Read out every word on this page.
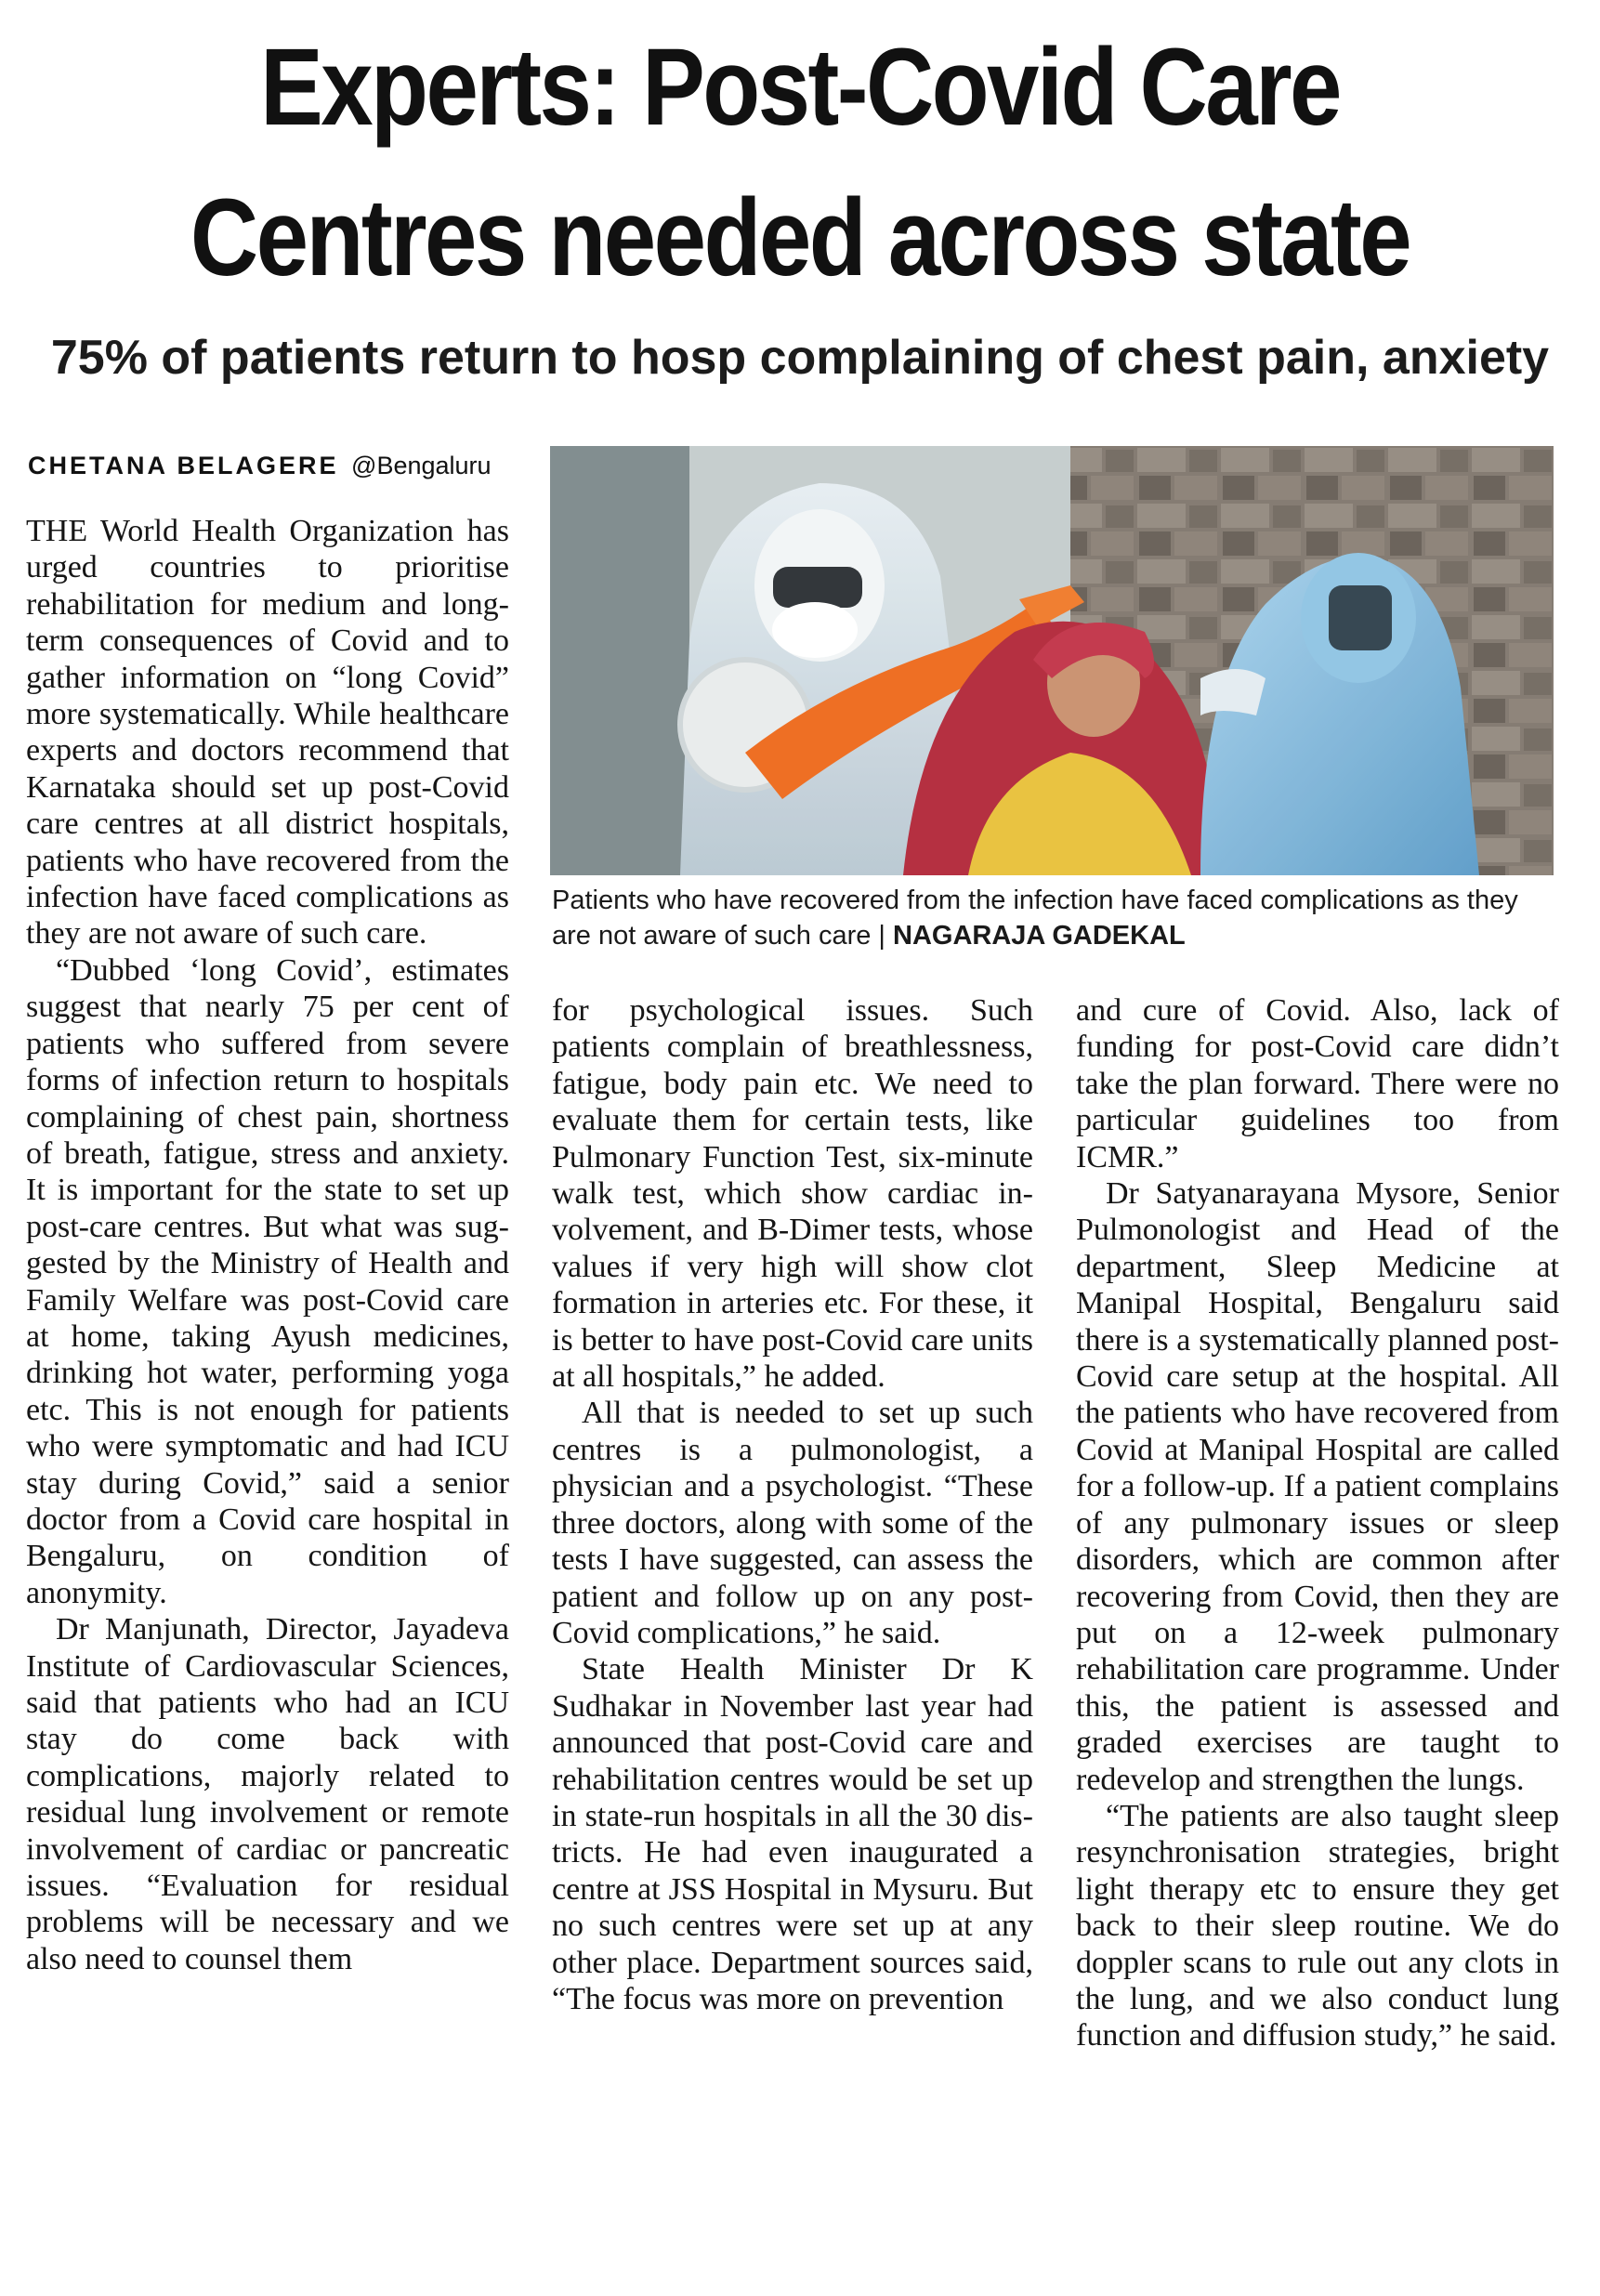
Experts: Post-Covid Care
Centres needed across state
75% of patients return to hosp complaining of chest pain, anxiety
CHETANA BELAGERE @Bengaluru

Patients who have recovered from the infection have faced complications as they are not aware of such care | NAGARAJA GADEKAL

THE World Health Organization has urged countries to prioritise rehabilitation for medium and long-term consequences of Covid and to gather information on “long Covid” more systematically. While healthcare experts and doctors recommend that Karnataka should set up post-Covid care centres at all district hospitals, patients who have recovered from the infection have faced complications as they are not aware of such care.

“Dubbed ‘long Covid’, estimates suggest that nearly 75 per cent of patients who suffered from severe forms of infection return to hospitals complaining of chest pain, shortness of breath, fatigue, stress and anxiety. It is important for the state to set up post-care centres. But what was suggested by the Ministry of Health and Family Welfare was post-Covid care at home, taking Ayush medicines, drinking hot water, performing yoga etc. This is not enough for patients who were symptomatic and had ICU stay during Covid,” said a senior doctor from a Covid care hospital in Bengaluru, on condition of anonymity.

Dr Manjunath, Director, Jayadeva Institute of Cardiovascular Sciences, said that patients who had an ICU stay do come back with complications, majorly related to residual lung involvement or remote involvement of cardiac or pancreatic issues. “Evaluation for residual problems will be necessary and we also need to counsel them

for psychological issues. Such patients complain of breathlessness, fatigue, body pain etc. We need to evaluate them for certain tests, like Pulmonary Function Test, six-minute walk test, which show cardiac involvement, and B-Dimer tests, whose values if very high will show clot formation in arteries etc. For these, it is better to have post-Covid care units at all hospitals,” he added.

All that is needed to set up such centres is a pulmonologist, a physician and a psychologist. “These three doctors, along with some of the tests I have suggested, can assess the patient and follow up on any post-Covid complications,” he said.

State Health Minister Dr K Sudhakar in November last year had announced that post-Covid care and rehabilitation centres would be set up in state-run hospitals in all the 30 districts. He had even inaugurated a centre at JSS Hospital in Mysuru. But no such centres were set up at any other place. Department sources said, “The focus was more on prevention

and cure of Covid. Also, lack of funding for post-Covid care didn’t take the plan forward. There were no particular guidelines too from ICMR.”

Dr Satyanarayana Mysore, Senior Pulmonologist and Head of the department, Sleep Medicine at Manipal Hospital, Bengaluru said there is a systematically planned post-Covid care setup at the hospital. All the patients who have recovered from Covid at Manipal Hospital are called for a follow-up. If a patient complains of any pulmonary issues or sleep disorders, which are common after recovering from Covid, then they are put on a 12-week pulmonary rehabilitation care programme. Under this, the patient is assessed and graded exercises are taught to redevelop and strengthen the lungs.

“The patients are also taught sleep resynchronisation strategies, bright light therapy etc to ensure they get back to their sleep routine. We do doppler scans to rule out any clots in the lung, and we also conduct lung function and diffusion study,” he said.
